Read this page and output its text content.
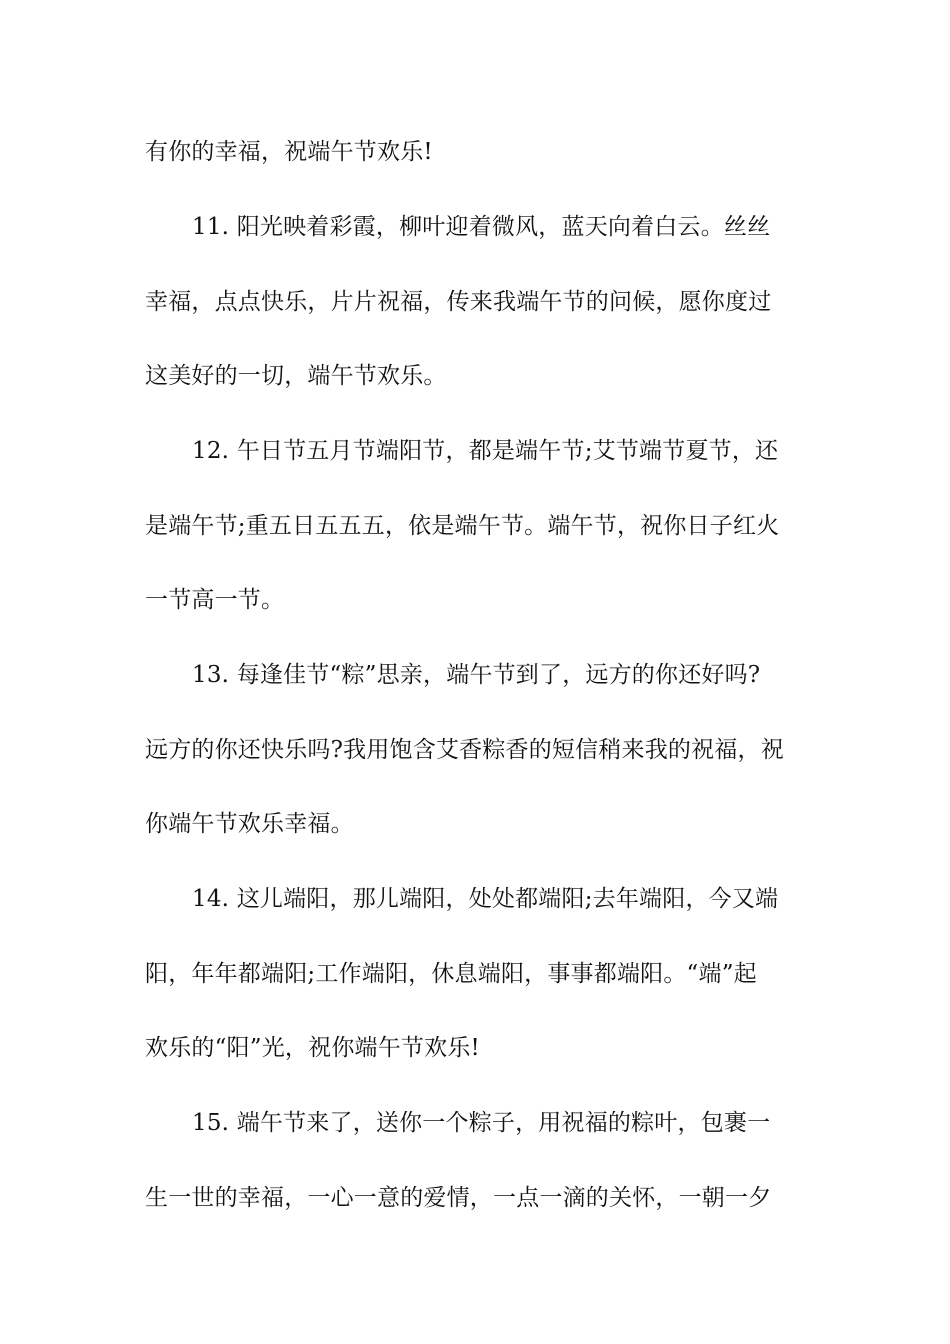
有你的幸福，祝端午节欢乐!
11. 阳光映着彩霞，柳叶迎着微风，蓝天向着白云。丝丝
幸福，点点快乐，片片祝福，传来我端午节的问候，愿你度过
这美好的一切，端午节欢乐。
12. 午日节五月节端阳节，都是端午节;艾节端节夏节，还
是端午节;重五日五五五，依是端午节。端午节，祝你日子红火
一节高一节。
13. 每逢佳节“粽”思亲，端午节到了，远方的你还好吗?
远方的你还快乐吗?我用饱含艾香粽香的短信稍来我的祝福，祝
你端午节欢乐幸福。
14. 这儿端阳，那儿端阳，处处都端阳;去年端阳，今又端
阳，年年都端阳;工作端阳，休息端阳，事事都端阳。“端”起
欢乐的“阳”光，祝你端午节欢乐!
15. 端午节来了，送你一个粽子，用祝福的粽叶，包裹一
生一世的幸福，一心一意的爱情，一点一滴的关怀，一朝一夕
